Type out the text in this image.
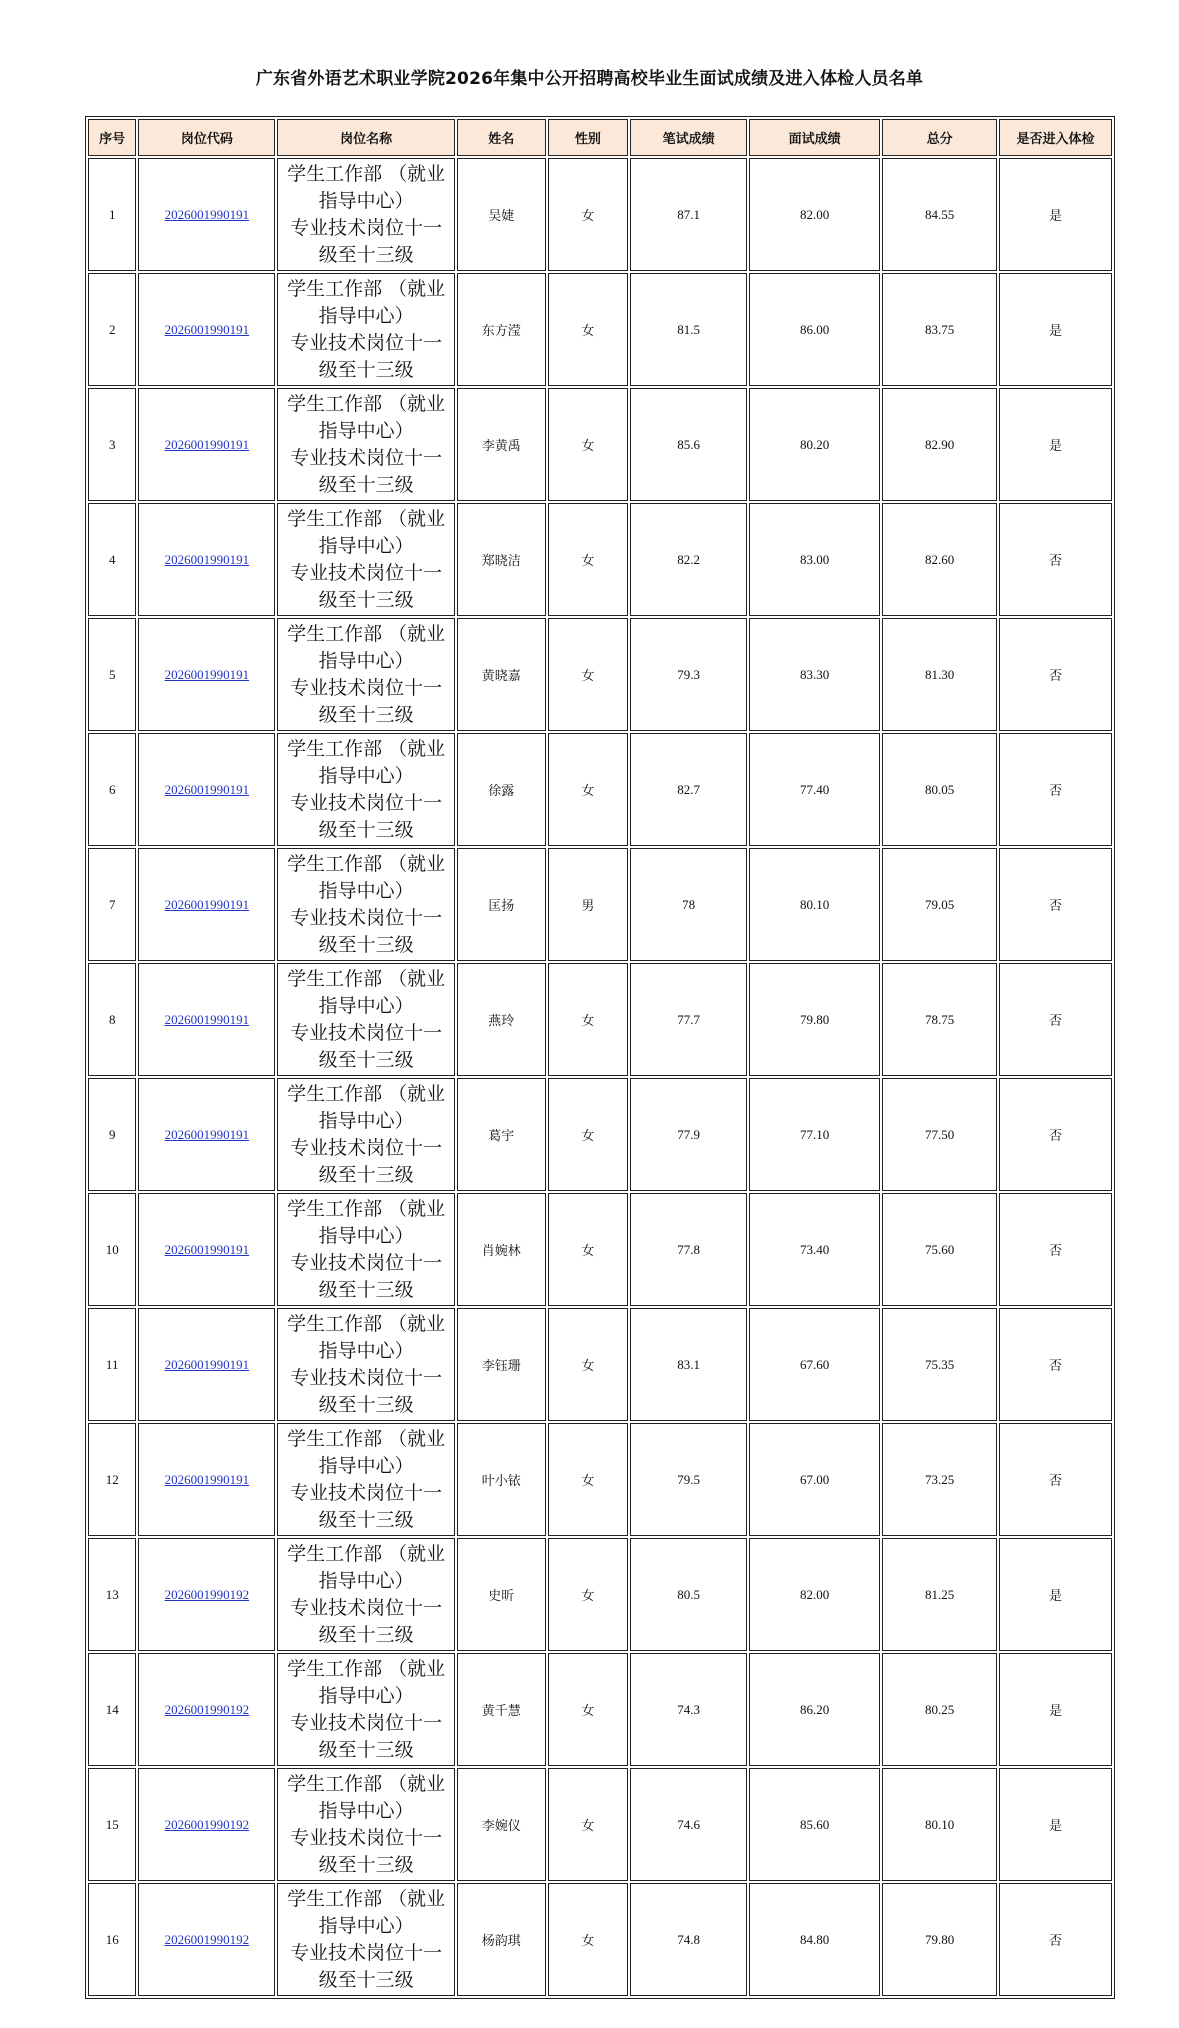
广东省外语艺术职业学院2026年集中公开招聘高校毕业生面试成绩及进入体检人员名单
序号	岗位代码	岗位名称	姓名	性别	笔试成绩	面试成绩	总分	是否进入体检
1	2026001990191	学生工作部 （就业指导中心）
专业技术岗位十一级至十三级	吴婕	女	87.1	82.00	84.55	是
2	2026001990191	学生工作部 （就业指导中心）
专业技术岗位十一级至十三级	东方滢	女	81.5	86.00	83.75	是
3	2026001990191	学生工作部 （就业指导中心）
专业技术岗位十一级至十三级	李黄禹	女	85.6	80.20	82.90	是
4	2026001990191	学生工作部 （就业指导中心）
专业技术岗位十一级至十三级	郑晓洁	女	82.2	83.00	82.60	否
5	2026001990191	学生工作部 （就业指导中心）
专业技术岗位十一级至十三级	黄晓嘉	女	79.3	83.30	81.30	否
6	2026001990191	学生工作部 （就业指导中心）
专业技术岗位十一级至十三级	徐露	女	82.7	77.40	80.05	否
7	2026001990191	学生工作部 （就业指导中心）
专业技术岗位十一级至十三级	匡扬	男	78	80.10	79.05	否
8	2026001990191	学生工作部 （就业指导中心）
专业技术岗位十一级至十三级	燕玲	女	77.7	79.80	78.75	否
9	2026001990191	学生工作部 （就业指导中心）
专业技术岗位十一级至十三级	葛宇	女	77.9	77.10	77.50	否
10	2026001990191	学生工作部 （就业指导中心）
专业技术岗位十一级至十三级	肖婉林	女	77.8	73.40	75.60	否
11	2026001990191	学生工作部 （就业指导中心）
专业技术岗位十一级至十三级	李钰珊	女	83.1	67.60	75.35	否
12	2026001990191	学生工作部 （就业指导中心）
专业技术岗位十一级至十三级	叶小铱	女	79.5	67.00	73.25	否
13	2026001990192	学生工作部 （就业指导中心）
专业技术岗位十一级至十三级	史昕	女	80.5	82.00	81.25	是
14	2026001990192	学生工作部 （就业指导中心）
专业技术岗位十一级至十三级	黄千慧	女	74.3	86.20	80.25	是
15	2026001990192	学生工作部 （就业指导中心）
专业技术岗位十一级至十三级	李婉仪	女	74.6	85.60	80.10	是
16	2026001990192	学生工作部 （就业指导中心）
专业技术岗位十一级至十三级	杨韵琪	女	74.8	84.80	79.80	否
